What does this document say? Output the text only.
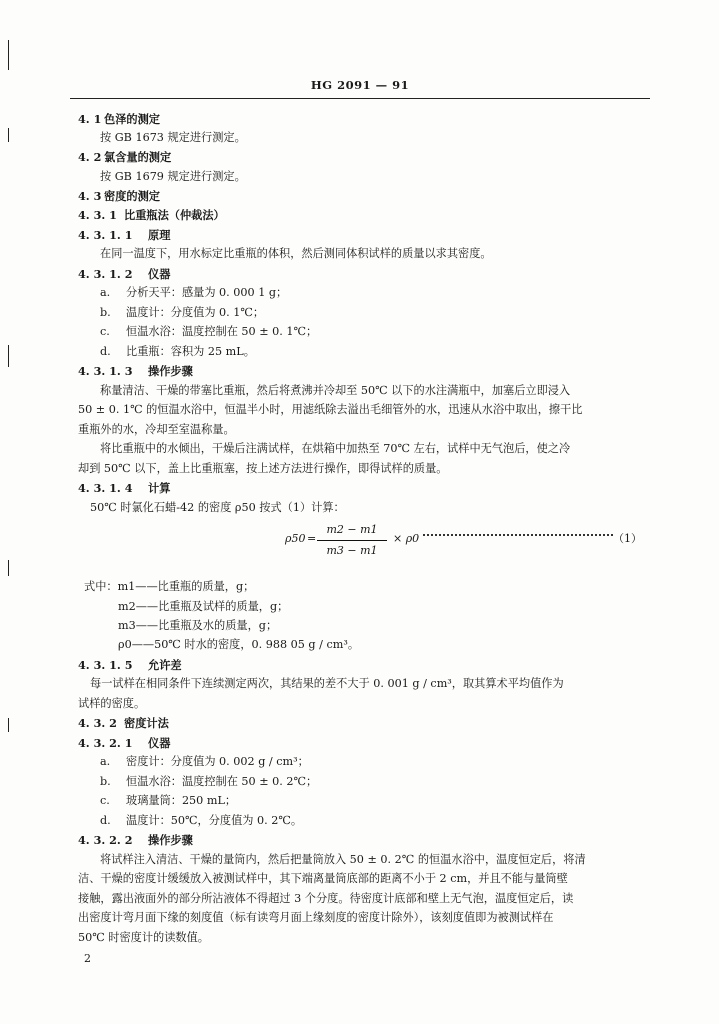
HG 2091 — 91
4. 1 色泽的测定
按 GB 1673 规定进行测定。
4. 2 氯含量的测定
按 GB 1679 规定进行测定。
4. 3 密度的测定
4. 3. 1 比重瓶法（仲裁法）
4. 3. 1. 1 原理
在同一温度下，用水标定比重瓶的体积，然后测同体积试样的质量以求其密度。
4. 3. 1. 2 仪器
a. 分析天平：感量为 0. 000 1 g；
b. 温度计：分度值为 0. 1℃；
c. 恒温水浴：温度控制在 50 ± 0. 1℃；
d. 比重瓶：容积为 25 mL。
4. 3. 1. 3 操作步骤
称量清洁、干燥的带塞比重瓶，然后将煮沸并冷却至 50℃ 以下的水注满瓶中，加塞后立即浸入
50 ± 0. 1℃ 的恒温水浴中，恒温半小时，用滤纸除去溢出毛细管外的水，迅速从水浴中取出，擦干比
重瓶外的水，冷却至室温称量。
将比重瓶中的水倾出，干燥后注满试样，在烘箱中加热至 70℃ 左右，试样中无气泡后，使之冷
却到 50℃ 以下，盖上比重瓶塞，按上述方法进行操作，即得试样的质量。
4. 3. 1. 4 计算
50℃ 时氯化石蜡-42 的密度 ρ50 按式（1）计算：
式中：m1——比重瓶的质量，g；
m2——比重瓶及试样的质量，g；
m3——比重瓶及水的质量，g；
ρ0——50℃ 时水的密度，0. 988 05 g / cm³。
4. 3. 1. 5 允许差
每一试样在相同条件下连续测定两次，其结果的差不大于 0. 001 g / cm³，取其算术平均值作为
试样的密度。
4. 3. 2 密度计法
4. 3. 2. 1 仪器
a. 密度计：分度值为 0. 002 g / cm³；
b. 恒温水浴：温度控制在 50 ± 0. 2℃；
c. 玻璃量筒：250 mL；
d. 温度计：50℃，分度值为 0. 2℃。
4. 3. 2. 2 操作步骤
将试样注入清洁、干燥的量筒内，然后把量筒放入 50 ± 0. 2℃ 的恒温水浴中，温度恒定后，将清
洁、干燥的密度计缓缓放入被测试样中，其下端离量筒底部的距离不小于 2 cm，并且不能与量筒壁
接触，露出液面外的部分所沾液体不得超过 3 个分度。待密度计底部和壁上无气泡，温度恒定后，读
出密度计弯月面下缘的刻度值（标有读弯月面上缘刻度的密度计除外），该刻度值即为被测试样在
50℃ 时密度计的读数值。
ρ50 =
m2 − m1
m3 − m1
× ρ0	（1）
2
